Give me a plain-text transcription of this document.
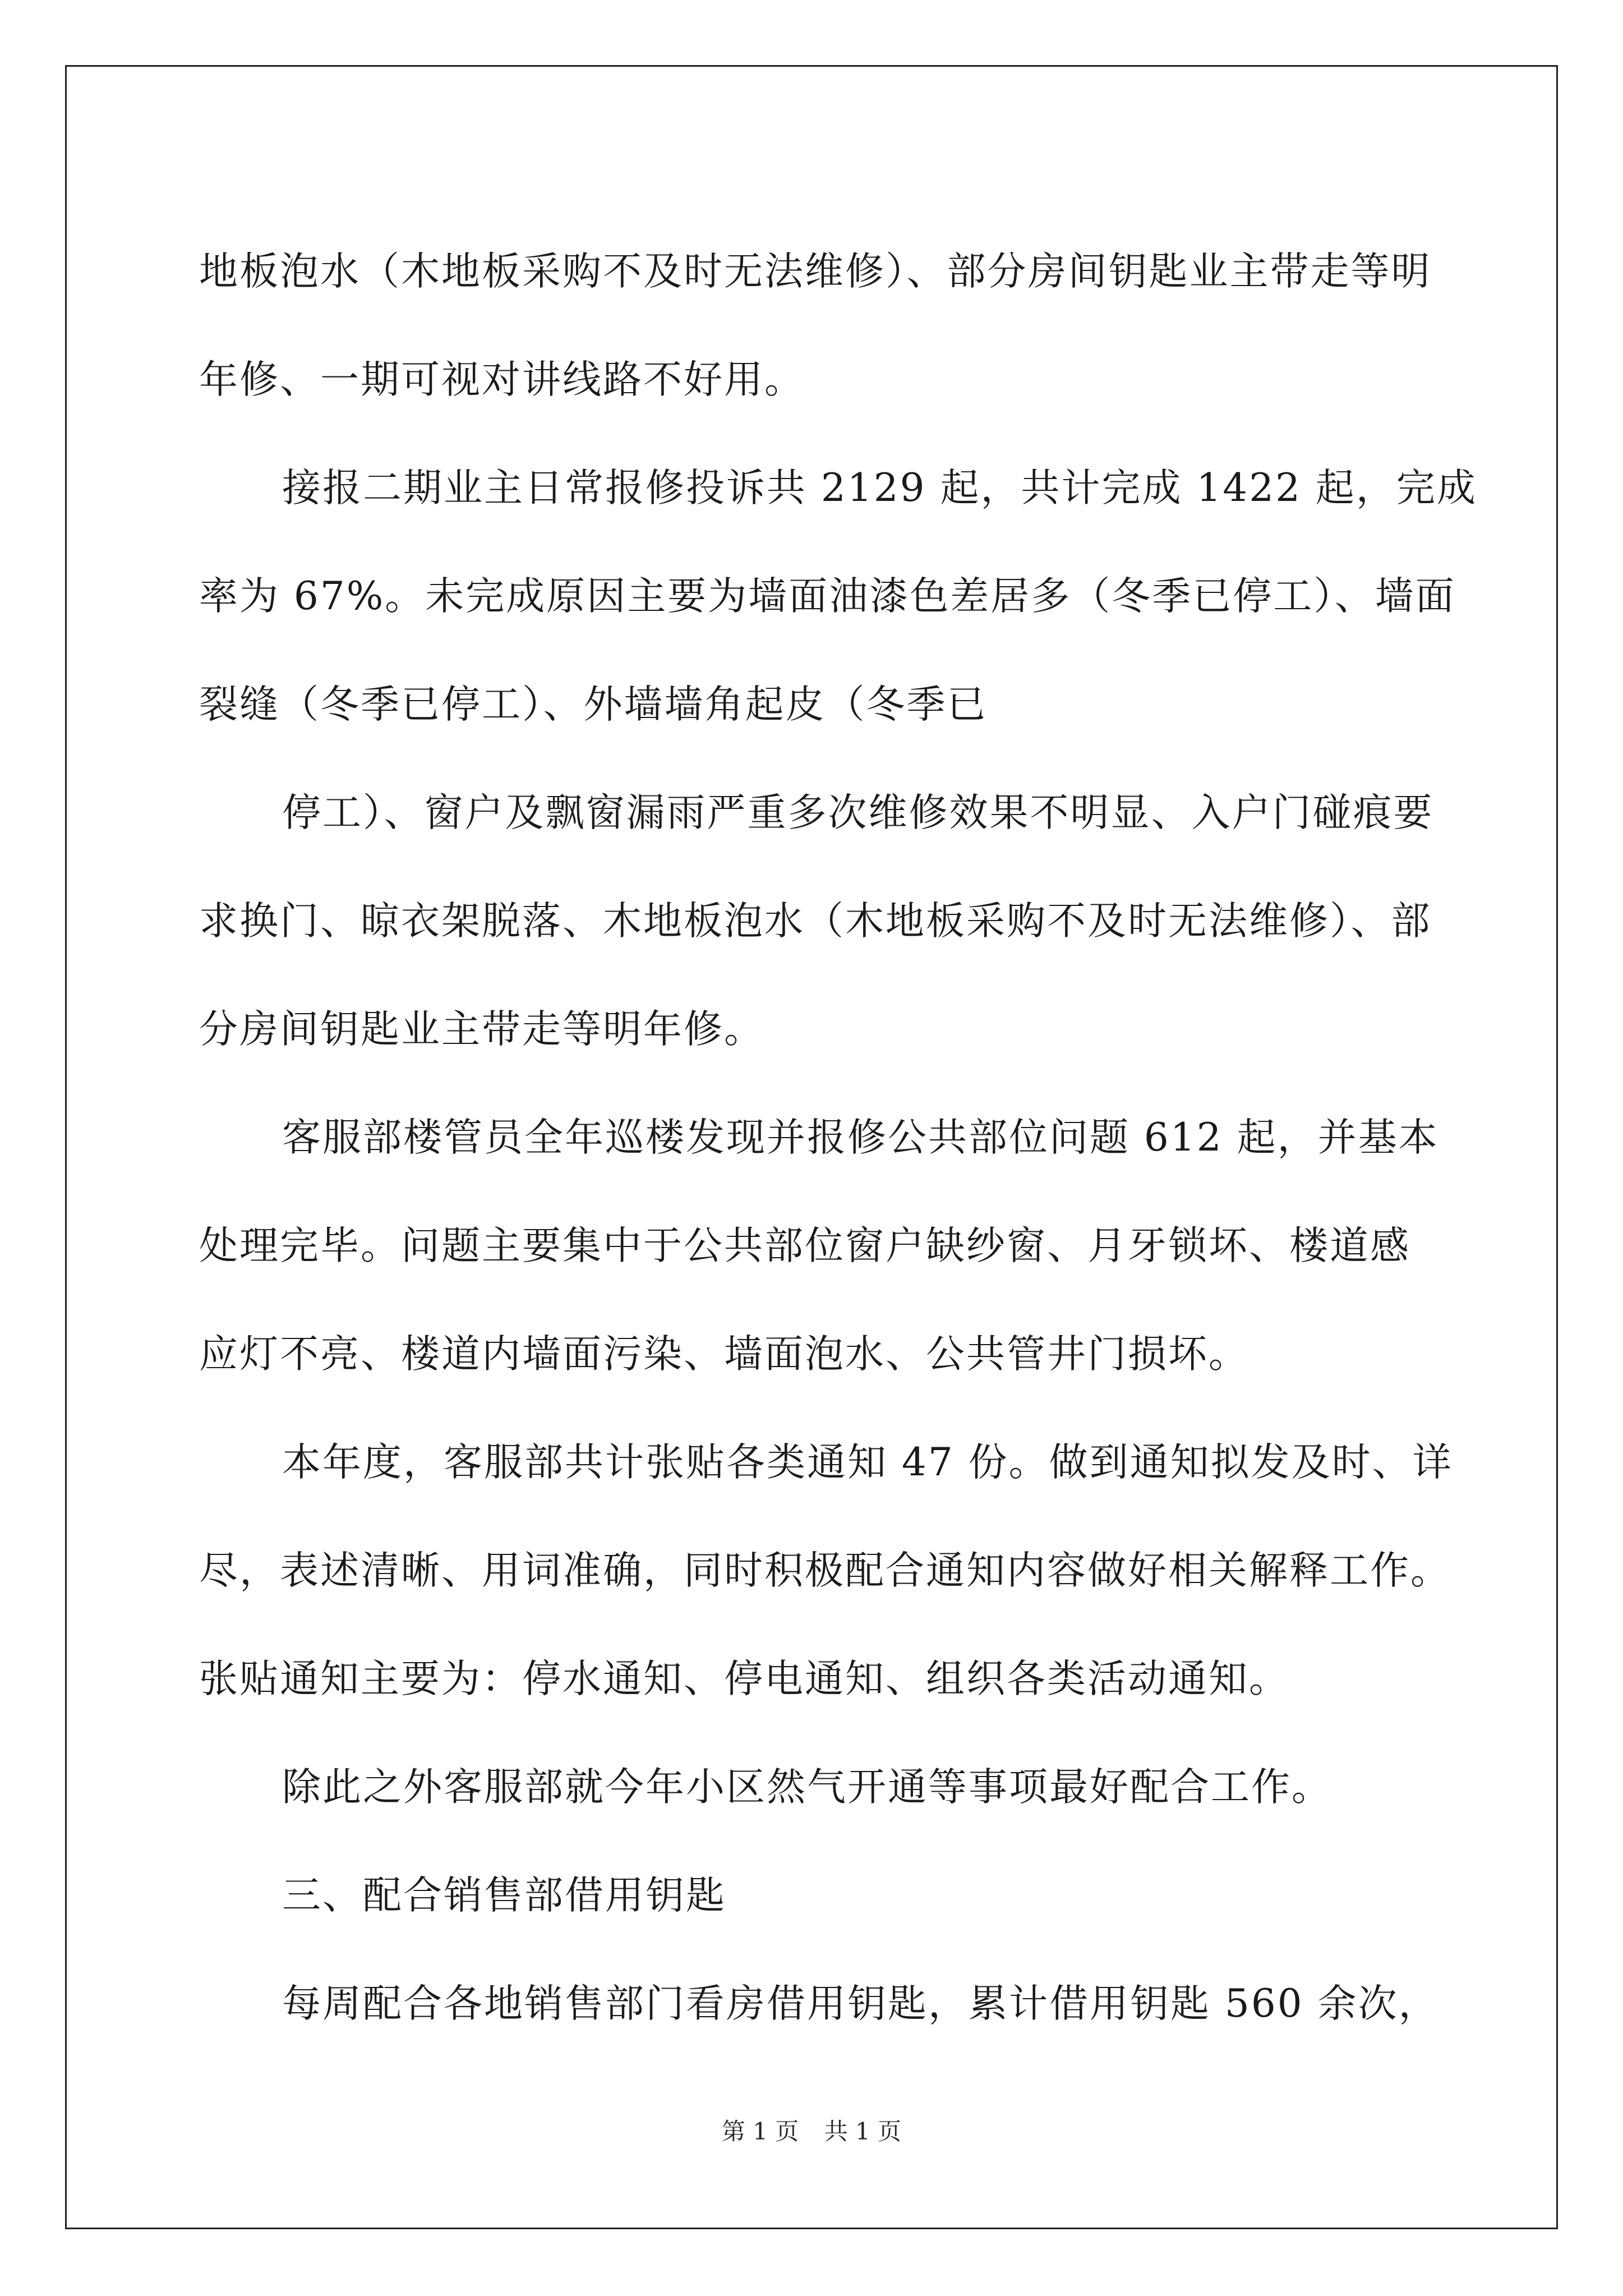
地板泡水（木地板采购不及时无法维修）、部分房间钥匙业主带走等明
年修、一期可视对讲线路不好用。
接报二期业主日常报修投诉共 2129 起，共计完成 1422 起，完成
率为 67%。未完成原因主要为墙面油漆色差居多（冬季已停工）、墙面
裂缝（冬季已停工）、外墙墙角起皮（冬季已
停工）、窗户及飘窗漏雨严重多次维修效果不明显、入户门碰痕要
求换门、晾衣架脱落、木地板泡水（木地板采购不及时无法维修）、部
分房间钥匙业主带走等明年修。
客服部楼管员全年巡楼发现并报修公共部位问题 612 起，并基本
处理完毕。问题主要集中于公共部位窗户缺纱窗、月牙锁坏、楼道感
应灯不亮、楼道内墙面污染、墙面泡水、公共管井门损坏。
本年度，客服部共计张贴各类通知 47 份。做到通知拟发及时、详
尽，表述清晰、用词准确，同时积极配合通知内容做好相关解释工作。
张贴通知主要为：停水通知、停电通知、组织各类活动通知。
除此之外客服部就今年小区然气开通等事项最好配合工作。
三、配合销售部借用钥匙
每周配合各地销售部门看房借用钥匙，累计借用钥匙 560 余次，
第 1 页 共 1 页
